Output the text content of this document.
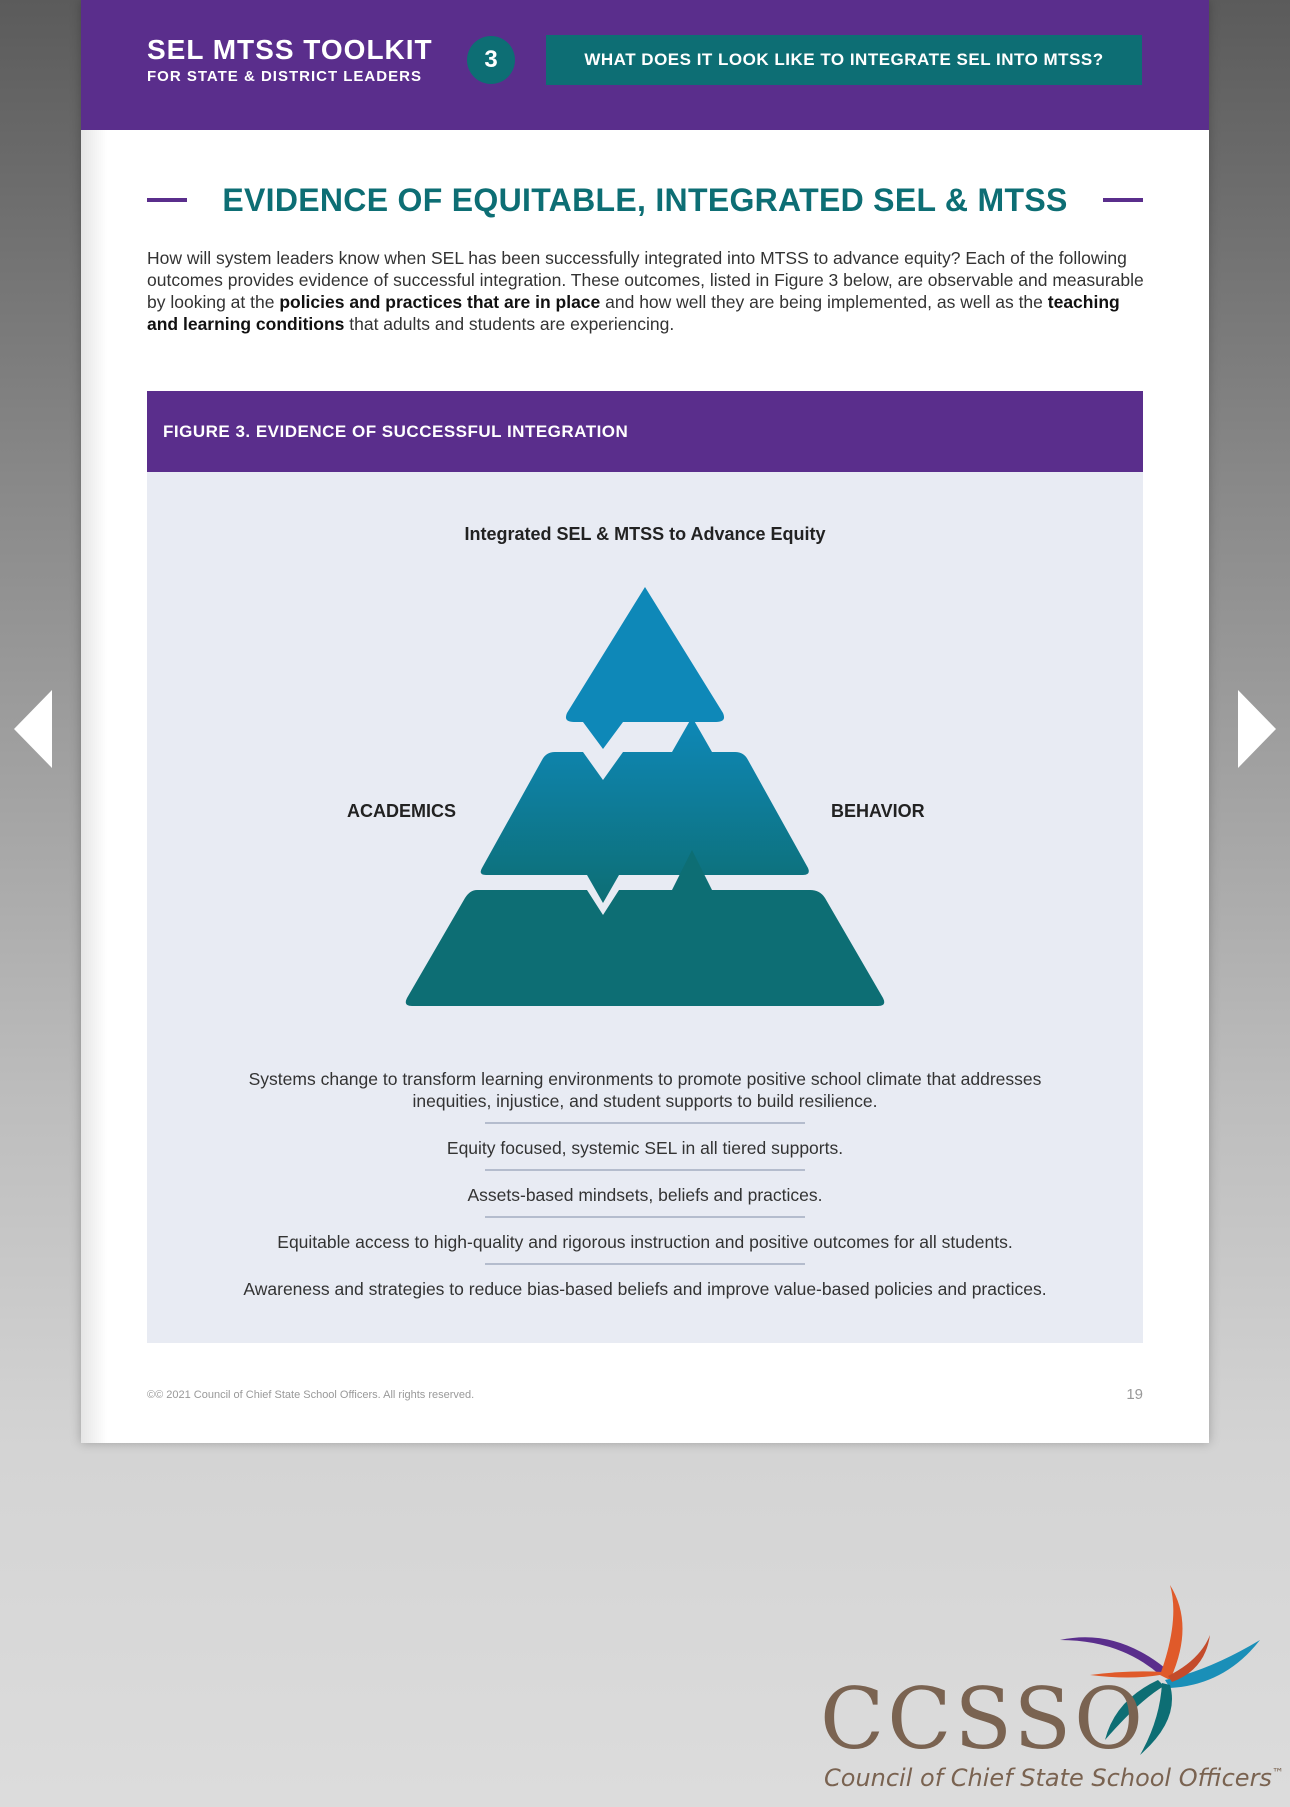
SEL MTSS TOOLKIT
FOR STATE & DISTRICT LEADERS
3	WHAT DOES IT LOOK LIKE TO INTEGRATE SEL INTO MTSS?
EVIDENCE OF EQUITABLE, INTEGRATED SEL & MTSS
How will system leaders know when SEL has been successfully integrated into MTSS to advance equity? Each of the following outcomes provides evidence of successful integration. These outcomes, listed in Figure 3 below, are observable and measurable by looking at the policies and practices that are in place and how well they are being implemented, as well as the teaching and learning conditions that adults and students are experiencing.
FIGURE 3. EVIDENCE OF SUCCESSFUL INTEGRATION
Integrated SEL & MTSS to Advance Equity
ACADEMICS	BEHAVIOR
Systems change to transform learning environments to promote positive school climate that addresses inequities, injustice, and student supports to build resilience.
Equity focused, systemic SEL in all tiered supports.
Assets-based mindsets, beliefs and practices.
Equitable access to high-quality and rigorous instruction and positive outcomes for all students.
Awareness and strategies to reduce bias-based beliefs and improve value-based policies and practices.
©© 2021 Council of Chief State School Officers. All rights reserved.	19
CCSSO
Council of Chief State School Officers™
